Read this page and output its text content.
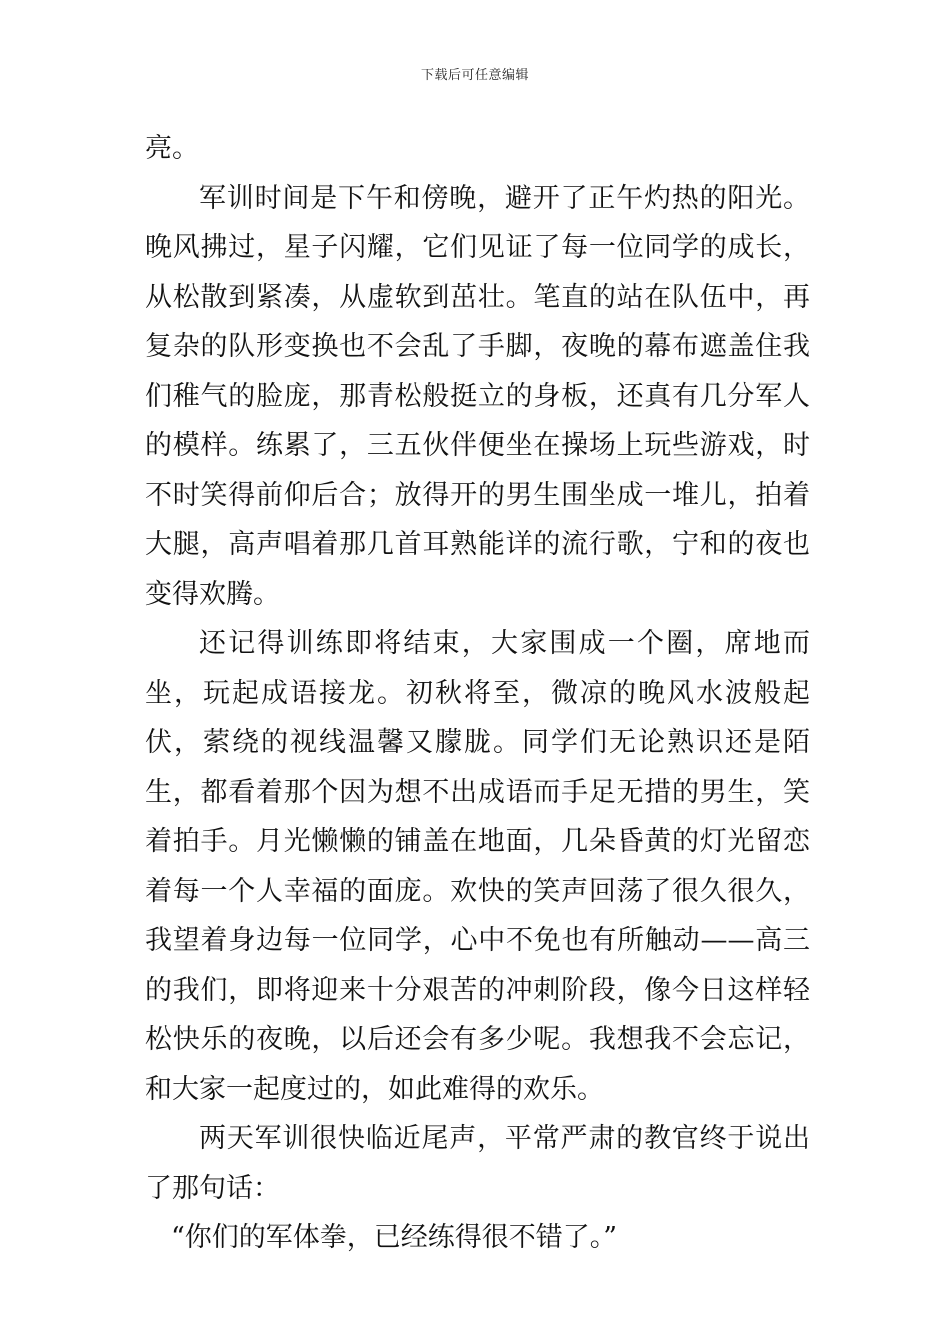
下载后可任意编辑

亮。

军训时间是下午和傍晚，避开了正午灼热的阳光。晚风拂过，星子闪耀，它们见证了每一位同学的成长，从松散到紧凑，从虚软到茁壮。笔直的站在队伍中，再复杂的队形变换也不会乱了手脚，夜晚的幕布遮盖住我们稚气的脸庞，那青松般挺立的身板，还真有几分军人的模样。练累了，三五伙伴便坐在操场上玩些游戏，时不时笑得前仰后合；放得开的男生围坐成一堆儿，拍着大腿，高声唱着那几首耳熟能详的流行歌，宁和的夜也变得欢腾。

还记得训练即将结束，大家围成一个圈，席地而坐，玩起成语接龙。初秋将至，微凉的晚风水波般起伏，萦绕的视线温馨又朦胧。同学们无论熟识还是陌生，都看着那个因为想不出成语而手足无措的男生，笑着拍手。月光懒懒的铺盖在地面，几朵昏黄的灯光留恋着每一个人幸福的面庞。欢快的笑声回荡了很久很久，我望着身边每一位同学，心中不免也有所触动——高三的我们，即将迎来十分艰苦的冲刺阶段，像今日这样轻松快乐的夜晚，以后还会有多少呢。我想我不会忘记，和大家一起度过的，如此难得的欢乐。

两天军训很快临近尾声，平常严肃的教官终于说出了那句话：

“你们的军体拳，已经练得很不错了。”
